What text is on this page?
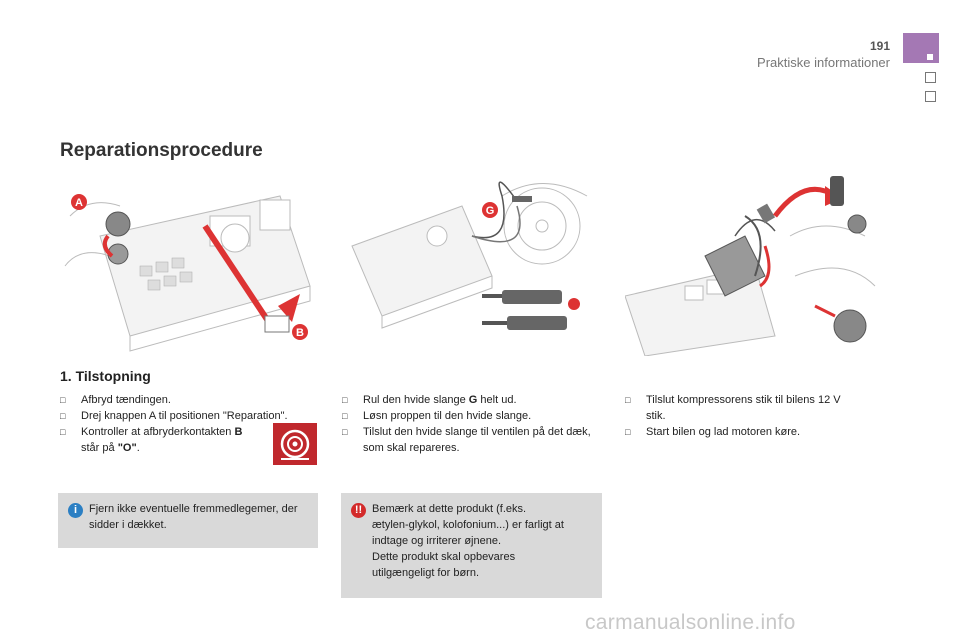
191
Praktiske informationer
Reparationsprocedure
A
B
G
1. Tilstopning
□ Afbryd tændingen.
□ Drej knappen A til positionen "Reparation".
□ Kontroller at afbryderkontakten B
står på "O".
□ Rul den hvide slange G helt ud.
□ Løsn proppen til den hvide slange.
□ Tilslut den hvide slange til ventilen på det dæk, som skal repareres.
□ Tilslut kompressorens stik til bilens 12 V stik.
□ Start bilen og lad motoren køre.
i	Fjern ikke eventuelle fremmedlegemer, der sidder i dækket.
!! Bemærk at dette produkt (f.eks.
ætylen-glykol, kolofonium...) er farligt at
indtage og irriterer øjnene.
Dette produkt skal opbevares
utilgængeligt for børn.
carmanualsonline.info
